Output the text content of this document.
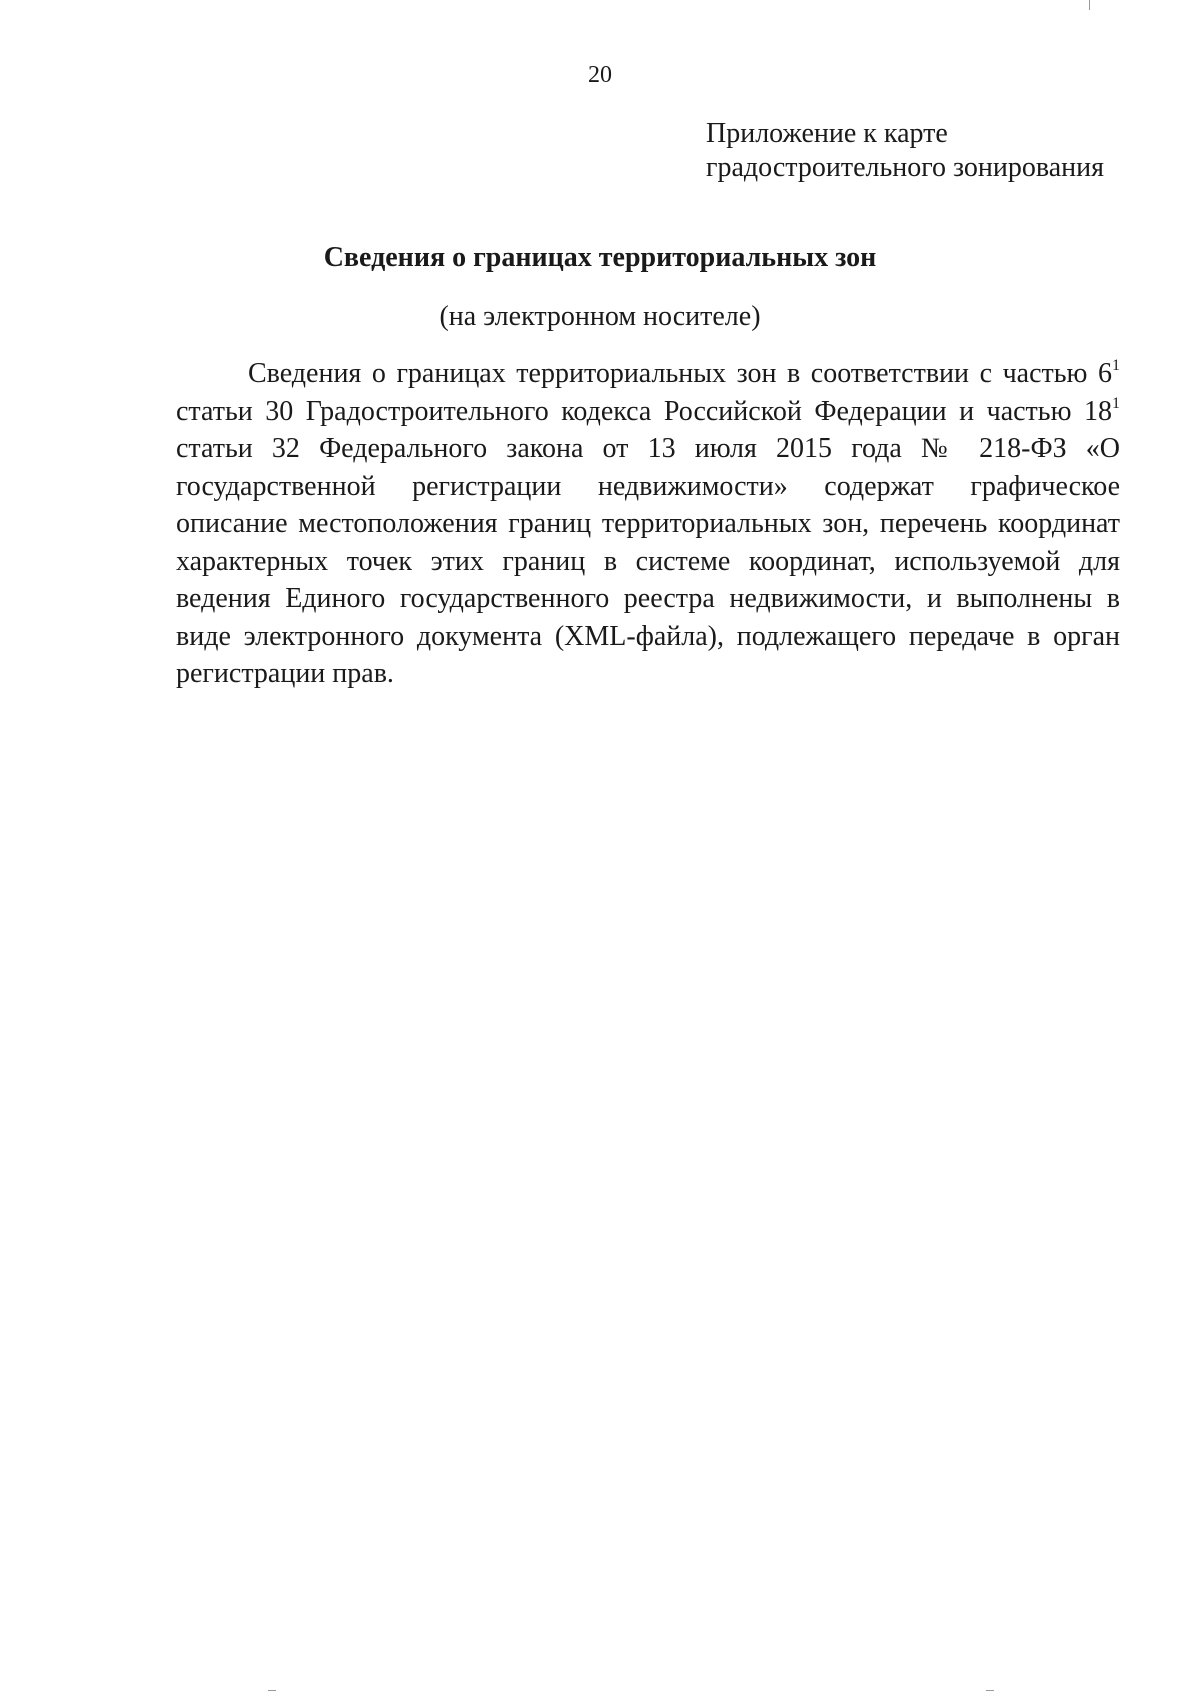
20
Приложение к карте
градостроительного зонирования
Сведения о границах территориальных зон
(на электронном носителе)

Сведения о границах территориальных зон в соответствии с частью $6^1$ статьи 30 Градостроительного кодекса Российской Федерации и частью $18^1$ статьи 32 Федерального закона от 13 июля 2015 года № 218-ФЗ «О государственной регистрации недвижимости» содержат графическое описание местоположения границ территориальных зон, перечень координат характерных точек этих границ в системе координат, используемой для ведения Единого государственного реестра недвижимости, и выполнены в виде электронного документа (XML-файла), подлежащего передаче в орган регистрации прав.
